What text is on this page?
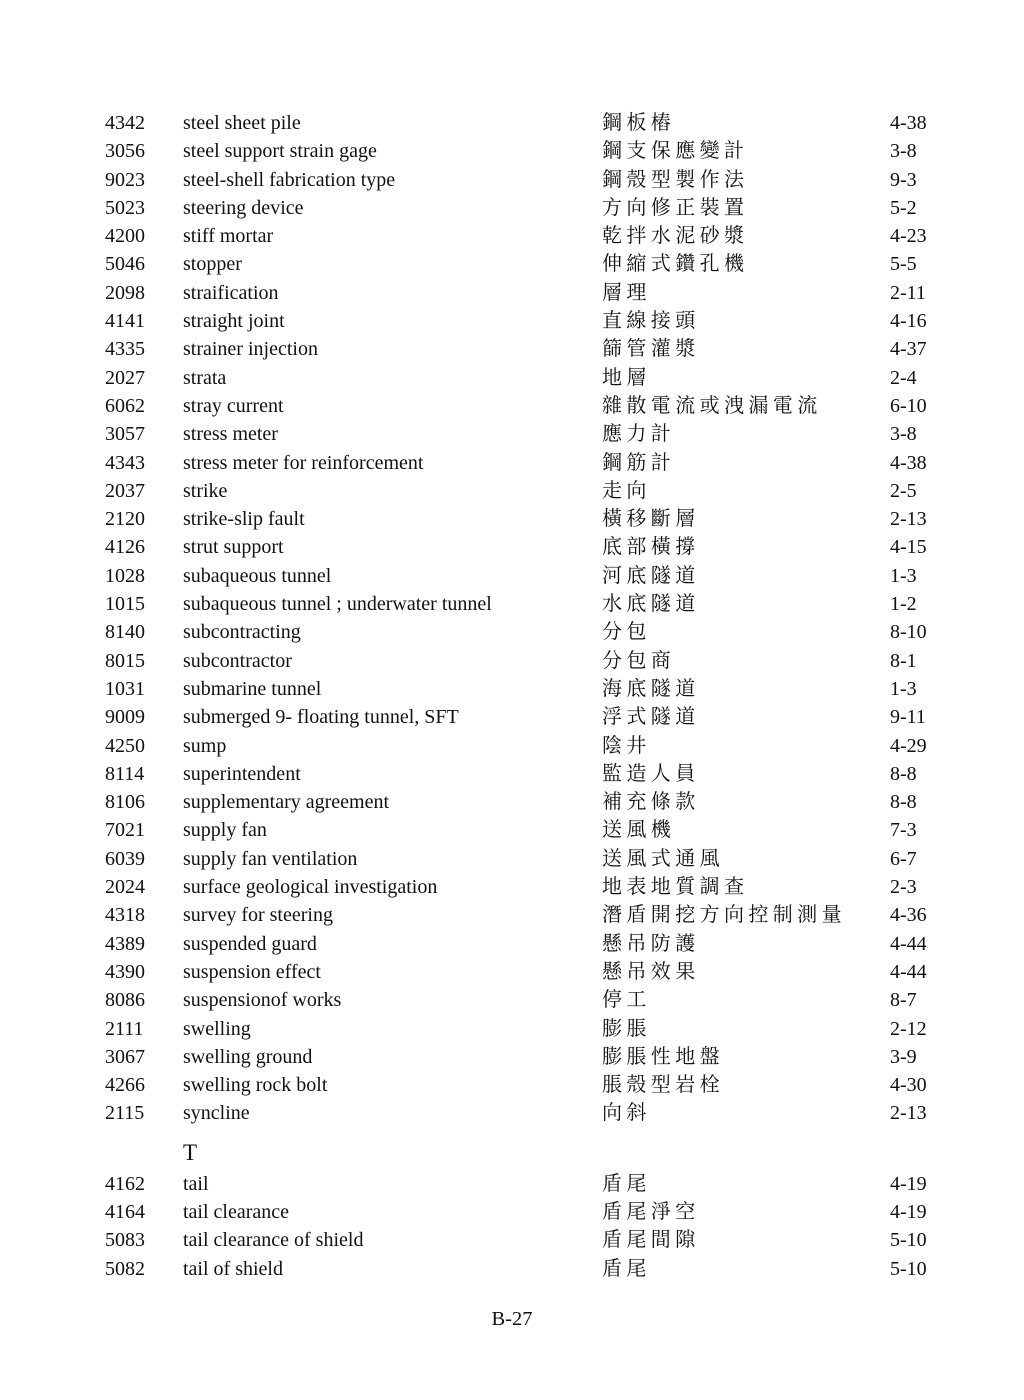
4342	steel sheet pile	鋼板樁	4-38
3056	steel support strain gage	鋼支保應變計	3-8
9023	steel-shell fabrication type	鋼殼型製作法	9-3
5023	steering device	方向修正裝置	5-2
4200	stiff mortar	乾拌水泥砂漿	4-23
5046	stopper	伸縮式鑽孔機	5-5
2098	straification	層理	2-11
4141	straight joint	直線接頭	4-16
4335	strainer injection	篩管灌漿	4-37
2027	strata	地層	2-4
6062	stray current	雜散電流或洩漏電流	6-10
3057	stress meter	應力計	3-8
4343	stress meter for reinforcement	鋼筋計	4-38
2037	strike	走向	2-5
2120	strike-slip fault	橫移斷層	2-13
4126	strut support	底部橫撐	4-15
1028	subaqueous tunnel	河底隧道	1-3
1015	subaqueous tunnel ; underwater tunnel	水底隧道	1-2
8140	subcontracting	分包	8-10
8015	subcontractor	分包商	8-1
1031	submarine tunnel	海底隧道	1-3
9009	submerged 9- floating tunnel, SFT	浮式隧道	9-11
4250	sump	陰井	4-29
8114	superintendent	監造人員	8-8
8106	supplementary agreement	補充條款	8-8
7021	supply fan	送風機	7-3
6039	supply fan ventilation	送風式通風	6-7
2024	surface geological investigation	地表地質調查	2-3
4318	survey for steering	潛盾開挖方向控制測量	4-36
4389	suspended guard	懸吊防護	4-44
4390	suspension effect	懸吊效果	4-44
8086	suspensionof works	停工	8-7
2111	swelling	膨脹	2-12
3067	swelling ground	膨脹性地盤	3-9
4266	swelling rock bolt	脹殼型岩栓	4-30
2115	syncline	向斜	2-13
T
4162	tail	盾尾	4-19
4164	tail clearance	盾尾淨空	4-19
5083	tail clearance of shield	盾尾間隙	5-10
5082	tail of shield	盾尾	5-10
B-27
